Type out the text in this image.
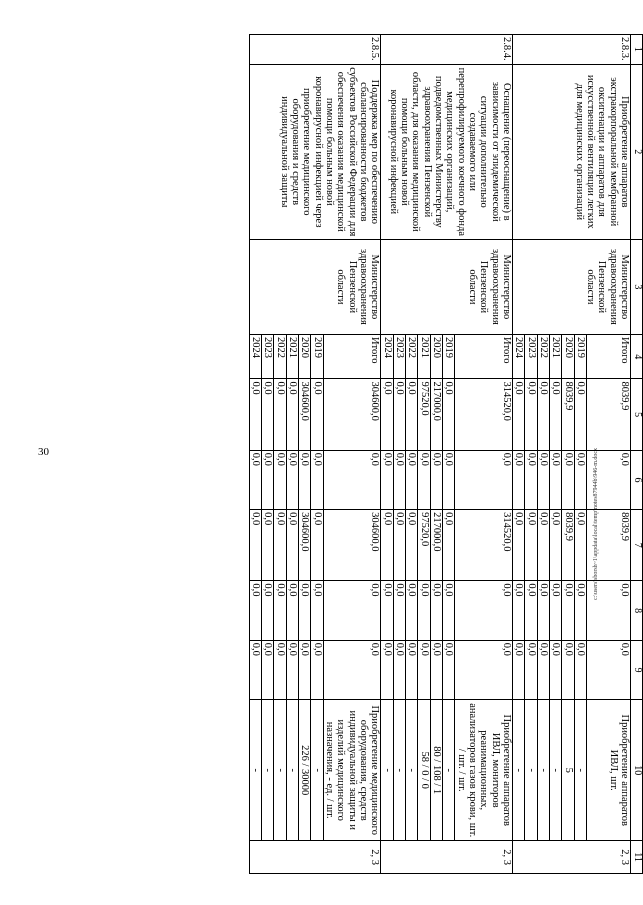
30	c:\users\sborsh~1\appdata\local\temp\notes87944b\946-m.docx
1	2	3	4	5	6	7	8	9	10	11
2.8.3.	Приобретение аппаратов экстракорпоральной мембранной оксигенации и аппаратов для искусственной вентиляции легких для медицинских организаций	Министерство здравоохранения Пензенской области	Итого	8039,9	0,0	8039,9	0,0	0,0	Приобретение аппаратов ИВЛ, шт.	2, 3

			2019	0,0	0,0	0,0	0,0	0,0	-	
			2020	8039,9	0,0	8039,9	0,0	0,0	5	
			2021	0,0	0,0	0,0	0,0	0,0	-	
			2022	0,0	0,0	0,0	0,0	0,0	-	
			2023	0,0	0,0	0,0	0,0	0,0	-	
			2024	0,0	0,0	0,0	0,0	0,0	-	
2.8.4.	Оснащение (переоснащение) в зависимости от эпидемической ситуации дополнительно создаваемого или перепрофилируемого коечного фонда медицинских организаций, подведомственных Министерству здравоохранения Пензенской области, для оказания медицинской помощи больным новой коронавирусной инфекцией	Министерство здравоохранения Пензенской области	Итого	314520,0	0,0	314520,0	0,0	0,0	Приобретение аппаратов ИВЛ, мониторов реанимационных, анализаторов газов крови, шт. / шт. / шт.	2, 3

			2019	0,0	0,0	0,0	0,0	0,0	-	
			2020	217000,0	0,0	217000,0	0,0	0,0	80 / 108 / 1	
			2021	97520,0	0,0	97520,0	0,0	0,0	58 / 0 / 0	
			2022	0,0	0,0	0,0	0,0	0,0	-	
			2023	0,0	0,0	0,0	0,0	0,0	-	
			2024	0,0	0,0	0,0	0,0	0,0	-	
2.8.5.	Поддержка мер по обеспечению сбалансированности бюджетов субъектов Российской Федерации для обеспечения оказания медицинской помощи больным новой коронавирусной инфекцией через приобретение медицинского оборудования и средств индивидуальной защиты	Министерство здравоохранения Пензенской области	Итого	304600,0	0,0	304600,0	0,0	0,0	Приобретение медицинского оборудования, средств индивидуальной защиты и изделий медицинского назначения, - ед. / шт.	2, 3

			2019	0,0	0,0	0,0	0,0	0,0	-	
			2020	304600,0	0,0	304600,0	0,0	0,0	226 / 30000	
			2021	0,0	0,0	0,0	0,0	0,0	-	
			2022	0,0	0,0	0,0	0,0	0,0	-	
			2023	0,0	0,0	0,0	0,0	0,0	-	
			2024	0,0	0,0	0,0	0,0	0,0	-	
